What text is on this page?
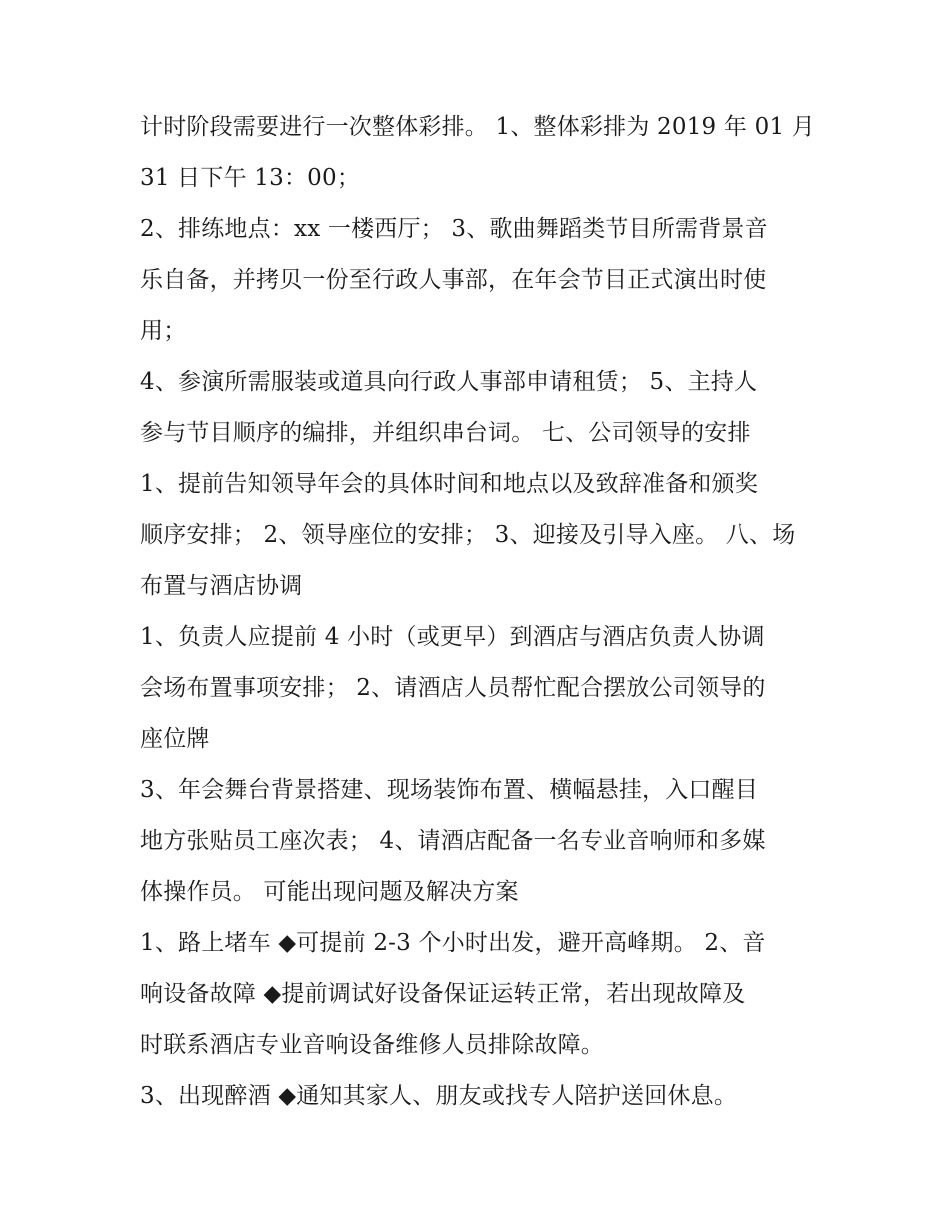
计时阶段需要进行一次整体彩排。 1、整体彩排为 2019 年 01 月
31 日下午 13：00；
2、排练地点：xx 一楼西厅； 3、歌曲舞蹈类节目所需背景音
乐自备，并拷贝一份至行政人事部，在年会节目正式演出时使
用；
4、参演所需服装或道具向行政人事部申请租赁； 5、主持人
参与节目顺序的编排，并组织串台词。 七、公司领导的安排
1、提前告知领导年会的具体时间和地点以及致辞准备和颁奖
顺序安排； 2、领导座位的安排； 3、迎接及引导入座。 八、场
布置与酒店协调
1、负责人应提前 4 小时（或更早）到酒店与酒店负责人协调
会场布置事项安排； 2、请酒店人员帮忙配合摆放公司领导的
座位牌
3、年会舞台背景搭建、现场装饰布置、横幅悬挂，入口醒目
地方张贴员工座次表； 4、请酒店配备一名专业音响师和多媒
体操作员。 可能出现问题及解决方案
1、路上堵车 ◆可提前 2-3 个小时出发，避开高峰期。 2、音
响设备故障 ◆提前调试好设备保证运转正常，若出现故障及
时联系酒店专业音响设备维修人员排除故障。
3、出现醉酒 ◆通知其家人、朋友或找专人陪护送回休息。
